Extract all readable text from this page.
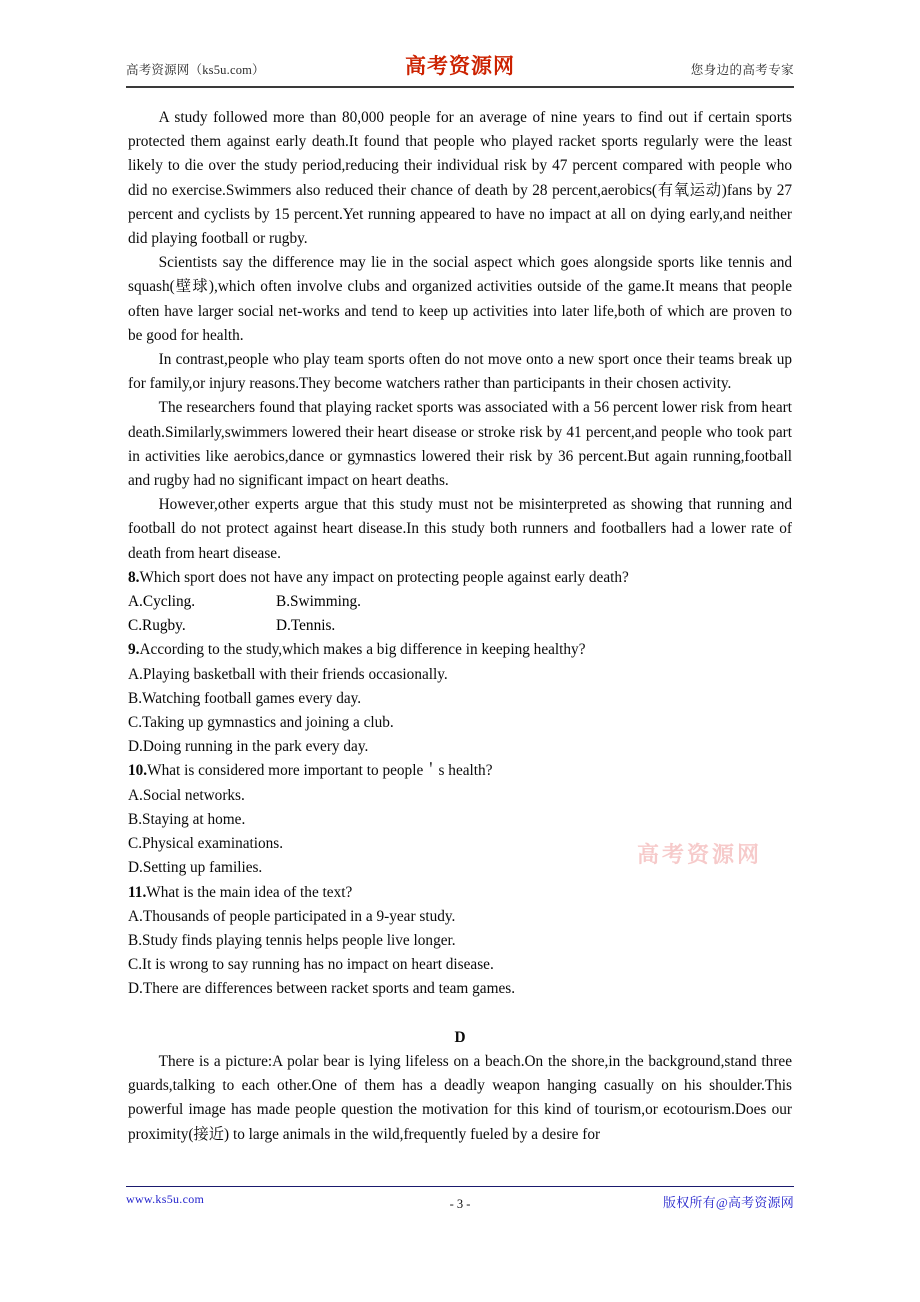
高考资源网（ks5u.com）	高考资源网	您身边的高考专家

A study followed more than 80,000 people for an average of nine years to find out if certain sports protected them against early death.It found that people who played racket sports regularly were the least likely to die over the study period,reducing their individual risk by 47 percent compared with people who did no exercise.Swimmers also reduced their chance of death by 28 percent,aerobics(有氧运动)fans by 27 percent and cyclists by 15 percent.Yet running appeared to have no impact at all on dying early,and neither did playing football or rugby.

Scientists say the difference may lie in the social aspect which goes alongside sports like tennis and squash(壁球),which often involve clubs and organized activities outside of the game.It means that people often have larger social net-works and tend to keep up activities into later life,both of which are proven to be good for health.

In contrast,people who play team sports often do not move onto a new sport once their teams break up for family,or injury reasons.They become watchers rather than participants in their chosen activity.

The researchers found that playing racket sports was associated with a 56 percent lower risk from heart death.Similarly,swimmers lowered their heart disease or stroke risk by 41 percent,and people who took part in activities like aerobics,dance or gymnastics lowered their risk by 36 percent.But again running,football and rugby had no significant impact on heart deaths.

However,other experts argue that this study must not be misinterpreted as showing that running and football do not protect against heart disease.In this study both runners and footballers had a lower rate of death from heart disease.

8.Which sport does not have any impact on protecting people against early death?

A.Cycling.	B.Swimming.

C.Rugby.	D.Tennis.

9.According to the study,which makes a big difference in keeping healthy?

A.Playing basketball with their friends occasionally.

B.Watching football games every day.

C.Taking up gymnastics and joining a club.

D.Doing running in the park every day.

10.What is considered more important to people＇s health?

A.Social networks.

B.Staying at home.

C.Physical examinations.

D.Setting up families.

11.What is the main idea of the text?

A.Thousands of people participated in a 9-year study.

B.Study finds playing tennis helps people live longer.

C.It is wrong to say running has no impact on heart disease.

D.There are differences between racket sports and team games.

D

There is a picture:A polar bear is lying lifeless on a beach.On the shore,in the background,stand three guards,talking to each other.One of them has a deadly weapon hanging casually on his shoulder.This powerful image has made people question the motivation for this kind of tourism,or ecotourism.Does our proximity(接近) to large animals in the wild,frequently fueled by a desire for

高考资源网
www.ks5u.com	- 3 -	版权所有@高考资源网
